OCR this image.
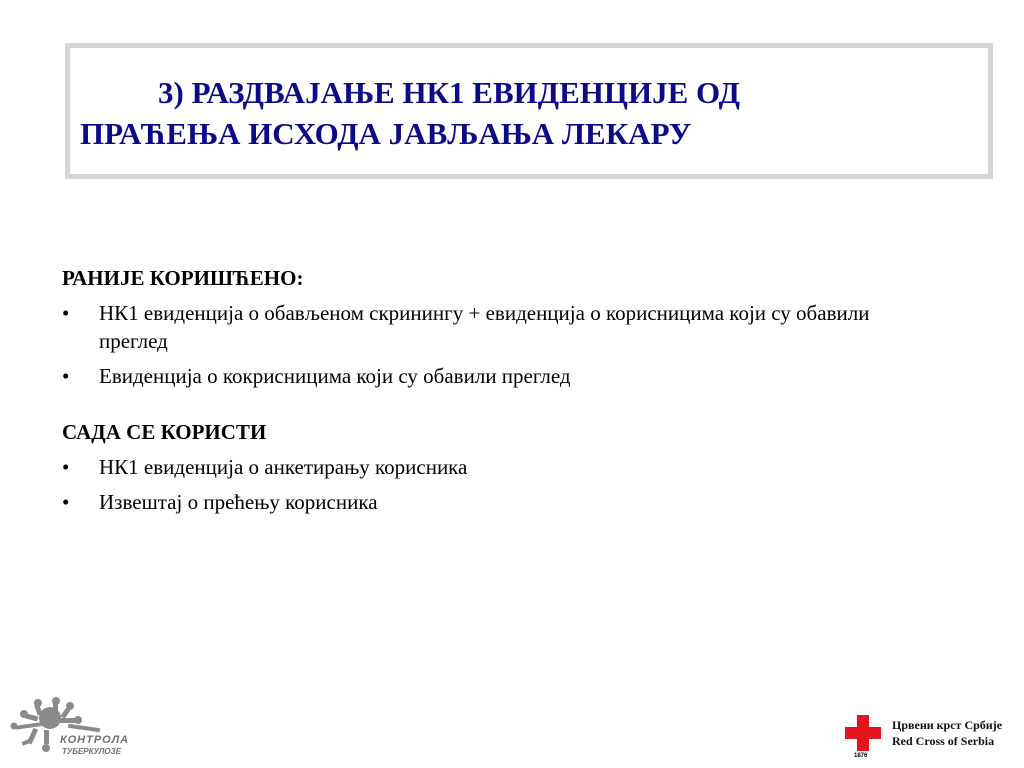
3) РАЗДВАЈАЊЕ НК1 ЕВИДЕНЦИЈЕ ОД
ПРАЋЕЊА ИСХОДА ЈАВЉАЊА ЛЕКАРУ

РАНИЈЕ КОРИШЋЕНО:

•	НК1 евиденција о обављеном скринингу + евиденција о корисницима који су обавили преглед
•	Евиденција о кокрисницима који су обавили преглед

САДА СЕ КОРИСТИ

•	НК1 евиденција о анкетирању корисника
•	Извештај о прећењу корисника
КОНТРОЛА
ТУБЕРКУЛОЗЕ	1876
Црвени крст Србије
Red Cross of Serbia
